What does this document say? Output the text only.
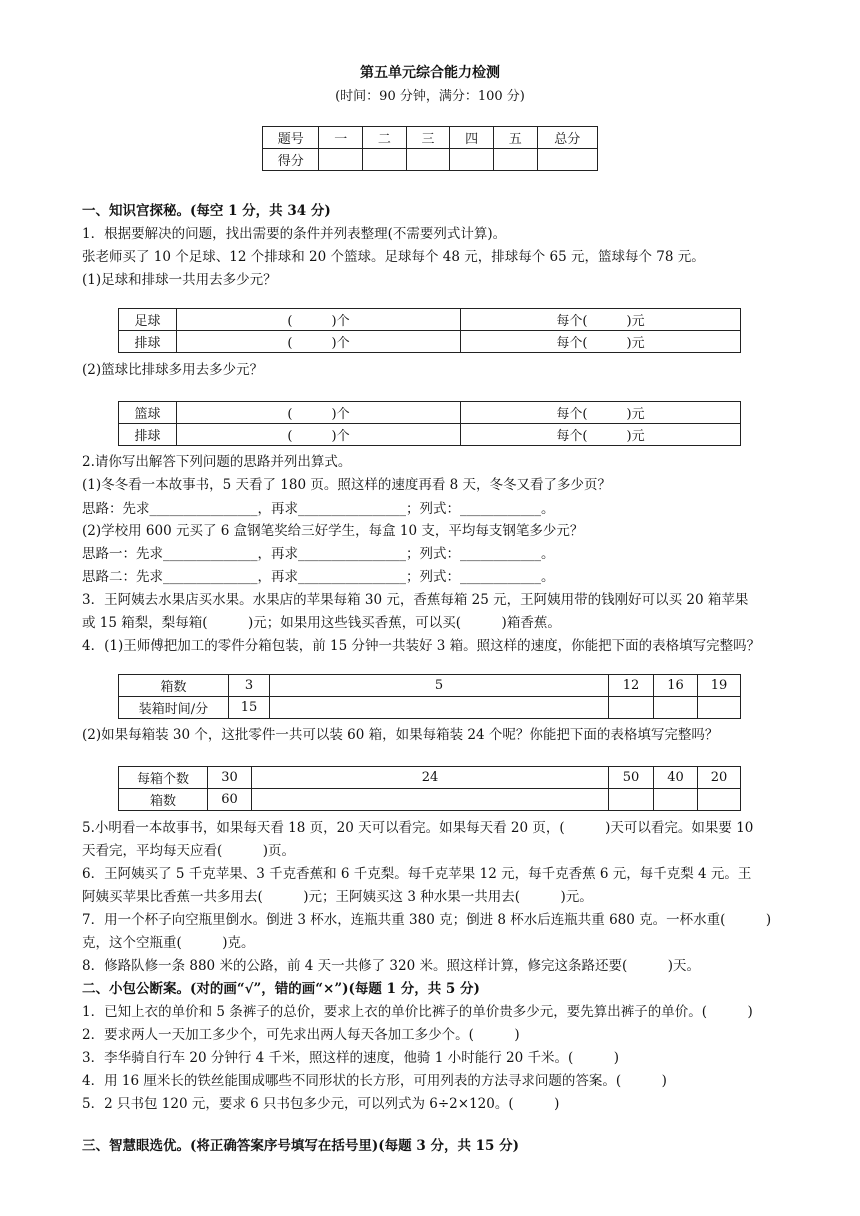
第五单元综合能力检测
(时间：90 分钟，满分：100 分)
题号	一	二	三	四	五	总分
得分						
一、知识宫探秘。(每空 1 分，共 34 分)
1．根据要解决的问题，找出需要的条件并列表整理(不需要列式计算)。
张老师买了 10 个足球、12 个排球和 20 个篮球。足球每个 48 元，排球每个 65 元，篮球每个 78 元。
(1)足球和排球一共用去多少元？
足球	(　　　)个	每个(　　　)元
排球	(　　　)个	每个(　　　)元
(2)篮球比排球多用去多少元？
篮球	(　　　)个	每个(　　　)元
排球	(　　　)个	每个(　　　)元
2.请你写出解答下列问题的思路并列出算式。
(1)冬冬看一本故事书，5 天看了 180 页。照这样的速度再看 8 天，冬冬又看了多少页？
思路：先求________________，再求________________；列式：____________。
(2)学校用 600 元买了 6 盒钢笔奖给三好学生，每盒 10 支，平均每支钢笔多少元？
思路一：先求______________，再求________________；列式：____________。
思路二：先求______________，再求________________；列式：____________。
3．王阿姨去水果店买水果。水果店的苹果每箱 30 元，香蕉每箱 25 元，王阿姨用带的钱刚好可以买 20 箱苹果
或 15 箱梨，梨每箱(　　　)元；如果用这些钱买香蕉，可以买(　　　)箱香蕉。
4．(1)王师傅把加工的零件分箱包装，前 15 分钟一共装好 3 箱。照这样的速度，你能把下面的表格填写完整吗？
箱数	3	5	12	16	19
装箱时间/分	15				
(2)如果每箱装 30 个，这批零件一共可以装 60 箱，如果每箱装 24 个呢？你能把下面的表格填写完整吗？
每箱个数	30	24	50	40	20
箱数	60				
5.小明看一本故事书，如果每天看 18 页，20 天可以看完。如果每天看 20 页，(　　　)天可以看完。如果要 10
天看完，平均每天应看(　　　)页。
6．王阿姨买了 5 千克苹果、3 千克香蕉和 6 千克梨。每千克苹果 12 元，每千克香蕉 6 元，每千克梨 4 元。王
阿姨买苹果比香蕉一共多用去(　　　)元；王阿姨买这 3 种水果一共用去(　　　)元。
7．用一个杯子向空瓶里倒水。倒进 3 杯水，连瓶共重 380 克；倒进 8 杯水后连瓶共重 680 克。一杯水重(　　　)
克，这个空瓶重(　　　)克。
8．修路队修一条 880 米的公路，前 4 天一共修了 320 米。照这样计算，修完这条路还要(　　　)天。
二、小包公断案。(对的画“√”，错的画“×”)(每题 1 分，共 5 分)
1．已知上衣的单价和 5 条裤子的总价，要求上衣的单价比裤子的单价贵多少元，要先算出裤子的单价。(　　　)
2．要求两人一天加工多少个，可先求出两人每天各加工多少个。(　　　)
3．李华骑自行车 20 分钟行 4 千米，照这样的速度，他骑 1 小时能行 20 千米。(　　　)
4．用 16 厘米长的铁丝能围成哪些不同形状的长方形，可用列表的方法寻求问题的答案。(　　　)
5．2 只书包 120 元，要求 6 只书包多少元，可以列式为 6÷2×120。(　　　)
三、智慧眼选优。(将正确答案序号填写在括号里)(每题 3 分，共 15 分)
